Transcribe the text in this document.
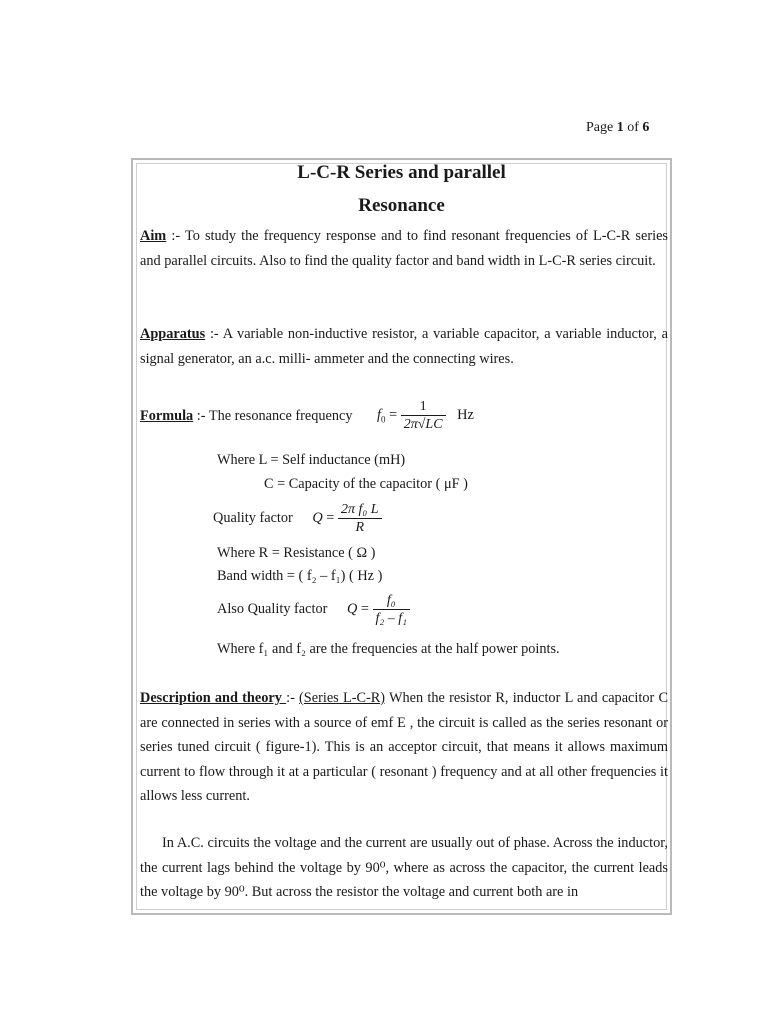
Page 1 of 6
L-C-R Series and parallel
Resonance
Aim :- To study the frequency response and to find resonant frequencies of L-C-R series and parallel circuits. Also to find the quality factor and band width in L-C-R series circuit.
Apparatus :- A variable non-inductive resistor, a variable capacitor, a variable inductor, a signal generator, an a.c. milli- ammeter and the connecting wires.
Formula :- The resonance frequency $f_0 = \frac{1}{2\pi√LC}$ Hz
Where L = Self inductance (mH)
C = Capacity of the capacitor ( μF )
Quality factor $Q = \frac{\text{2π f₀ L}}{R}$
Where R = Resistance ( Ω )
Band width = ( f₂ – f₁) ( Hz )
Also Quality factor $Q = \frac{\text{f₀}}{\text{f₂ – f₁}}$
Where f₁ and f₂ are the frequencies at the half power points.
Description and theory :- (Series L-C-R) When the resistor R, inductor L and capacitor C are connected in series with a source of emf E , the circuit is called as the series resonant or series tuned circuit ( figure-1). This is an acceptor circuit, that means it allows maximum current to flow through it at a particular ( resonant ) frequency and at all other frequencies it allows less current.
In A.C. circuits the voltage and the current are usually out of phase. Across the inductor, the current lags behind the voltage by 90⁰, where as across the capacitor, the current leads the voltage by 90⁰. But across the resistor the voltage and current both are in
